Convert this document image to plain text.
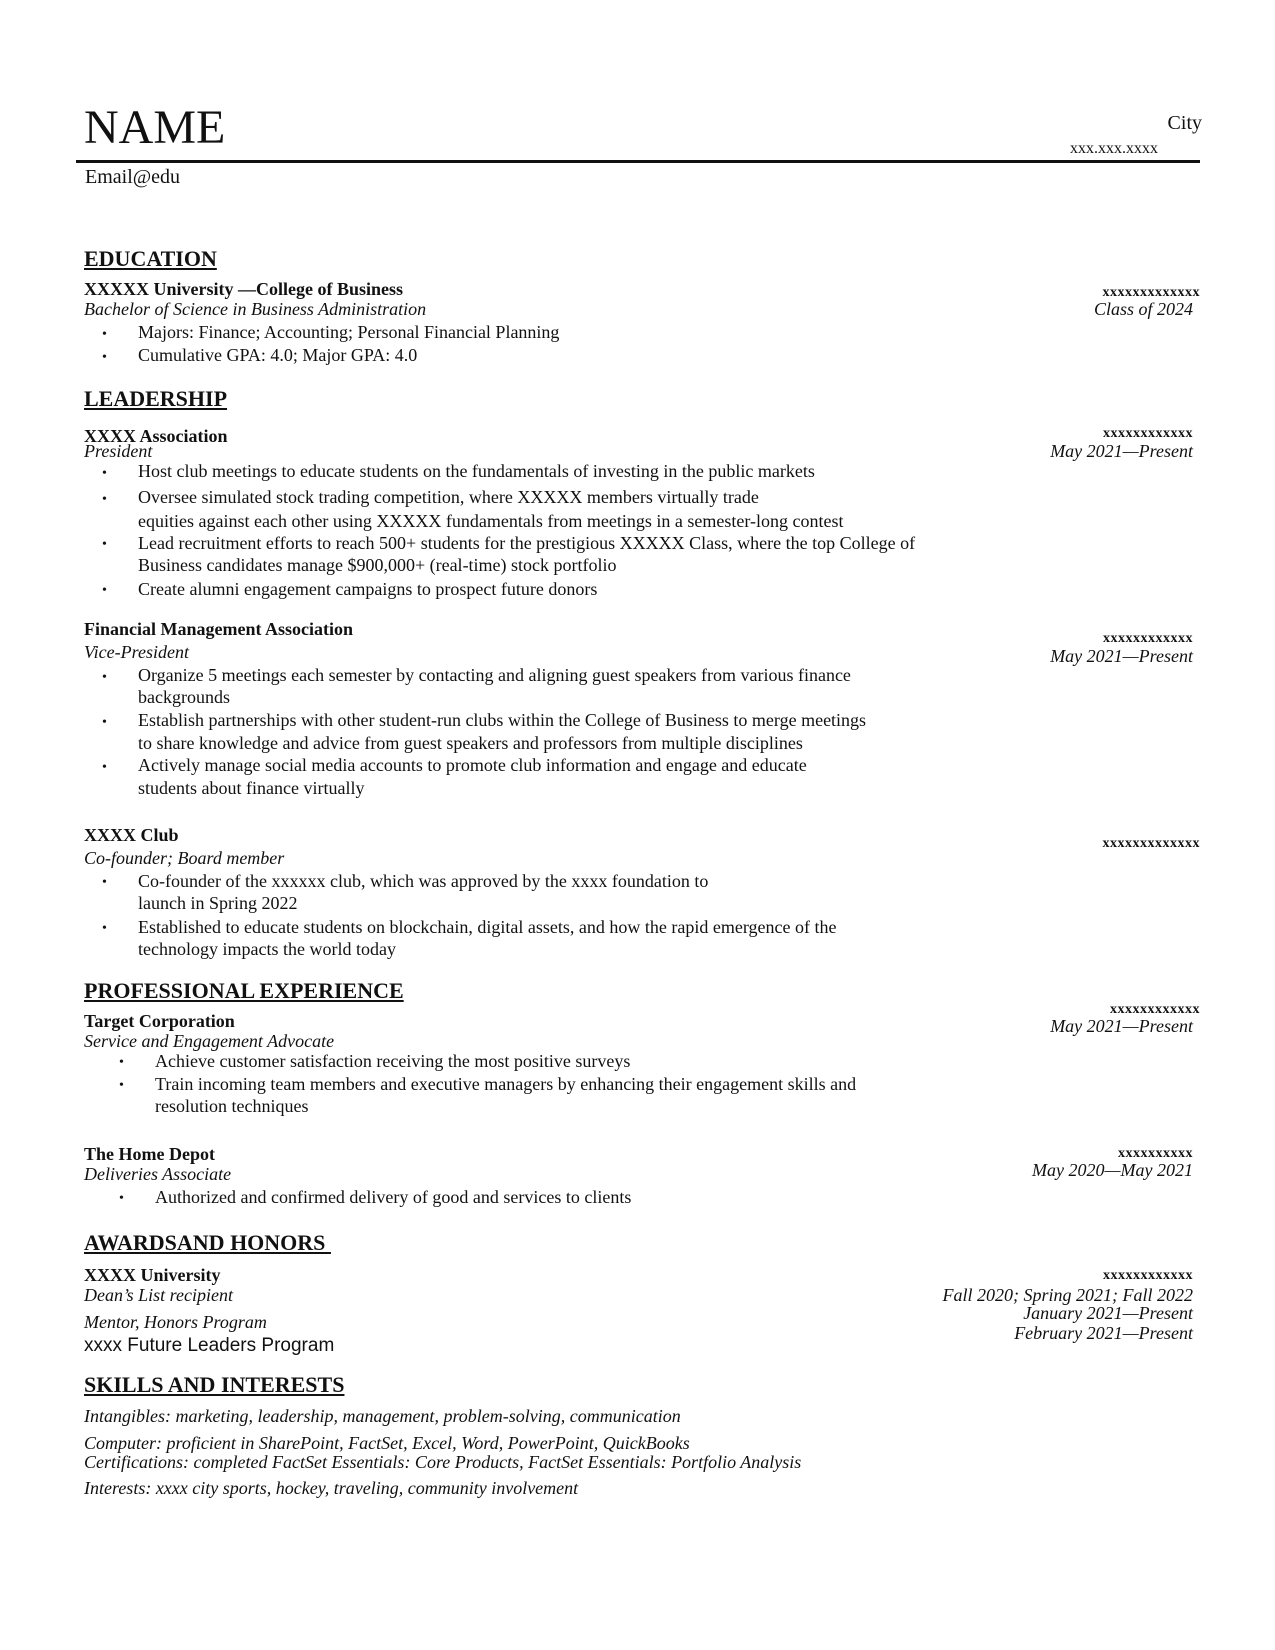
NAME	City
xxx.xxx.xxxx
Email@edu
EDUCATION
XXXXX University —College of Business
Bachelor of Science in Business Administration
xxxxxxxxxxxxx
Class of 2024
• Majors: Finance; Accounting; Personal Financial Planning
• Cumulative GPA: 4.0; Major GPA: 4.0
LEADERSHIP
XXXX Association
President
xxxxxxxxxxxx
May 2021—Present
• Host club meetings to educate students on the fundamentals of investing in the public markets
• Oversee simulated stock trading competition, where XXXXX members virtually trade
equities against each other using XXXXX fundamentals from meetings in a semester-long contest
• Lead recruitment efforts to reach 500+ students for the prestigious XXXXX Class, where the top College of
Business candidates manage $900,000+ (real-time) stock portfolio
• Create alumni engagement campaigns to prospect future donors
Financial Management Association
Vice-President
xxxxxxxxxxxx
May 2021—Present
• Organize 5 meetings each semester by contacting and aligning guest speakers from various finance
backgrounds
• Establish partnerships with other student-run clubs within the College of Business to merge meetings
to share knowledge and advice from guest speakers and professors from multiple disciplines
• Actively manage social media accounts to promote club information and engage and educate
students about finance virtually
XXXX Club
Co-founder; Board member
xxxxxxxxxxxxx
• Co-founder of the xxxxxx club, which was approved by the xxxx foundation to
launch in Spring 2022
• Established to educate students on blockchain, digital assets, and how the rapid emergence of the
technology impacts the world today
PROFESSIONAL EXPERIENCE
Target Corporation
Service and Engagement Advocate
xxxxxxxxxxxx
May 2021—Present
• Achieve customer satisfaction receiving the most positive surveys
• Train incoming team members and executive managers by enhancing their engagement skills and
resolution techniques
The Home Depot
Deliveries Associate
xxxxxxxxxx
May 2020—May 2021
• Authorized and confirmed delivery of good and services to clients
AWARDSAND HONORS
XXXX University	xxxxxxxxxxxx
Dean’s List recipient
Mentor, Honors Program
xxxx Future Leaders Program
Fall 2020; Spring 2021; Fall 2022
January 2021—Present
February 2021—Present
SKILLS AND INTERESTS
Intangibles: marketing, leadership, management, problem-solving, communication
Computer: proficient in SharePoint, FactSet, Excel, Word, PowerPoint, QuickBooks
Certifications: completed FactSet Essentials: Core Products, FactSet Essentials: Portfolio Analysis
Interests: xxxx city sports, hockey, traveling, community involvement
